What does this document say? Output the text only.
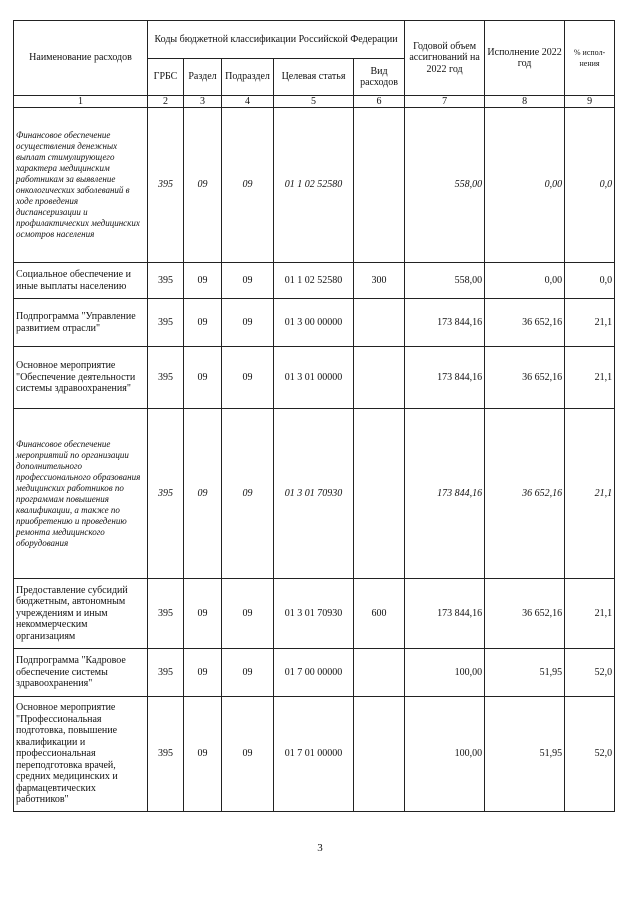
Наименование расходов	Коды бюджетной классификации Российской Федерации					Годовой объем ассигнований на 2022 год	Исполнение 2022 год	% испол-нения
	ГРБС	Раздел	Подраздел	Целевая статья	Вид расходов			
1	2	3	4	5	6	7	8	9
Финансовое обеспечение осуществления денежных выплат стимулирующего характера медицинским работникам за выявление онкологических заболеваний в ходе проведения диспансеризации и профилактических медицинских осмотров населения	395	09	09	01 1 02 52580		558,00	0,00	0,0
Социальное обеспечение и иные выплаты населению	395	09	09	01 1 02 52580	300	558,00	0,00	0,0
Подпрограмма "Управление развитием отрасли"	395	09	09	01 3 00 00000		173 844,16	36 652,16	21,1
Основное мероприятие "Обеспечение деятельности системы здравоохранения"	395	09	09	01 3 01 00000		173 844,16	36 652,16	21,1
Финансовое обеспечение мероприятий по организации дополнительного профессионального образования медицинских работников по программам повышения квалификации, а также по приобретению и проведению ремонта медицинского оборудования	395	09	09	01 3 01 70930		173 844,16	36 652,16	21,1
Предоставление субсидий бюджетным, автономным учреждениям и иным некоммерческим организациям	395	09	09	01 3 01 70930	600	173 844,16	36 652,16	21,1
Подпрограмма "Кадровое обеспечение системы здравоохранения"	395	09	09	01 7 00 00000		100,00	51,95	52,0
Основное мероприятие "Профессиональная подготовка, повышение квалификации и профессиональная переподготовка врачей, средних медицинских и фармацевтических работников"	395	09	09	01 7 01 00000		100,00	51,95	52,0
3
